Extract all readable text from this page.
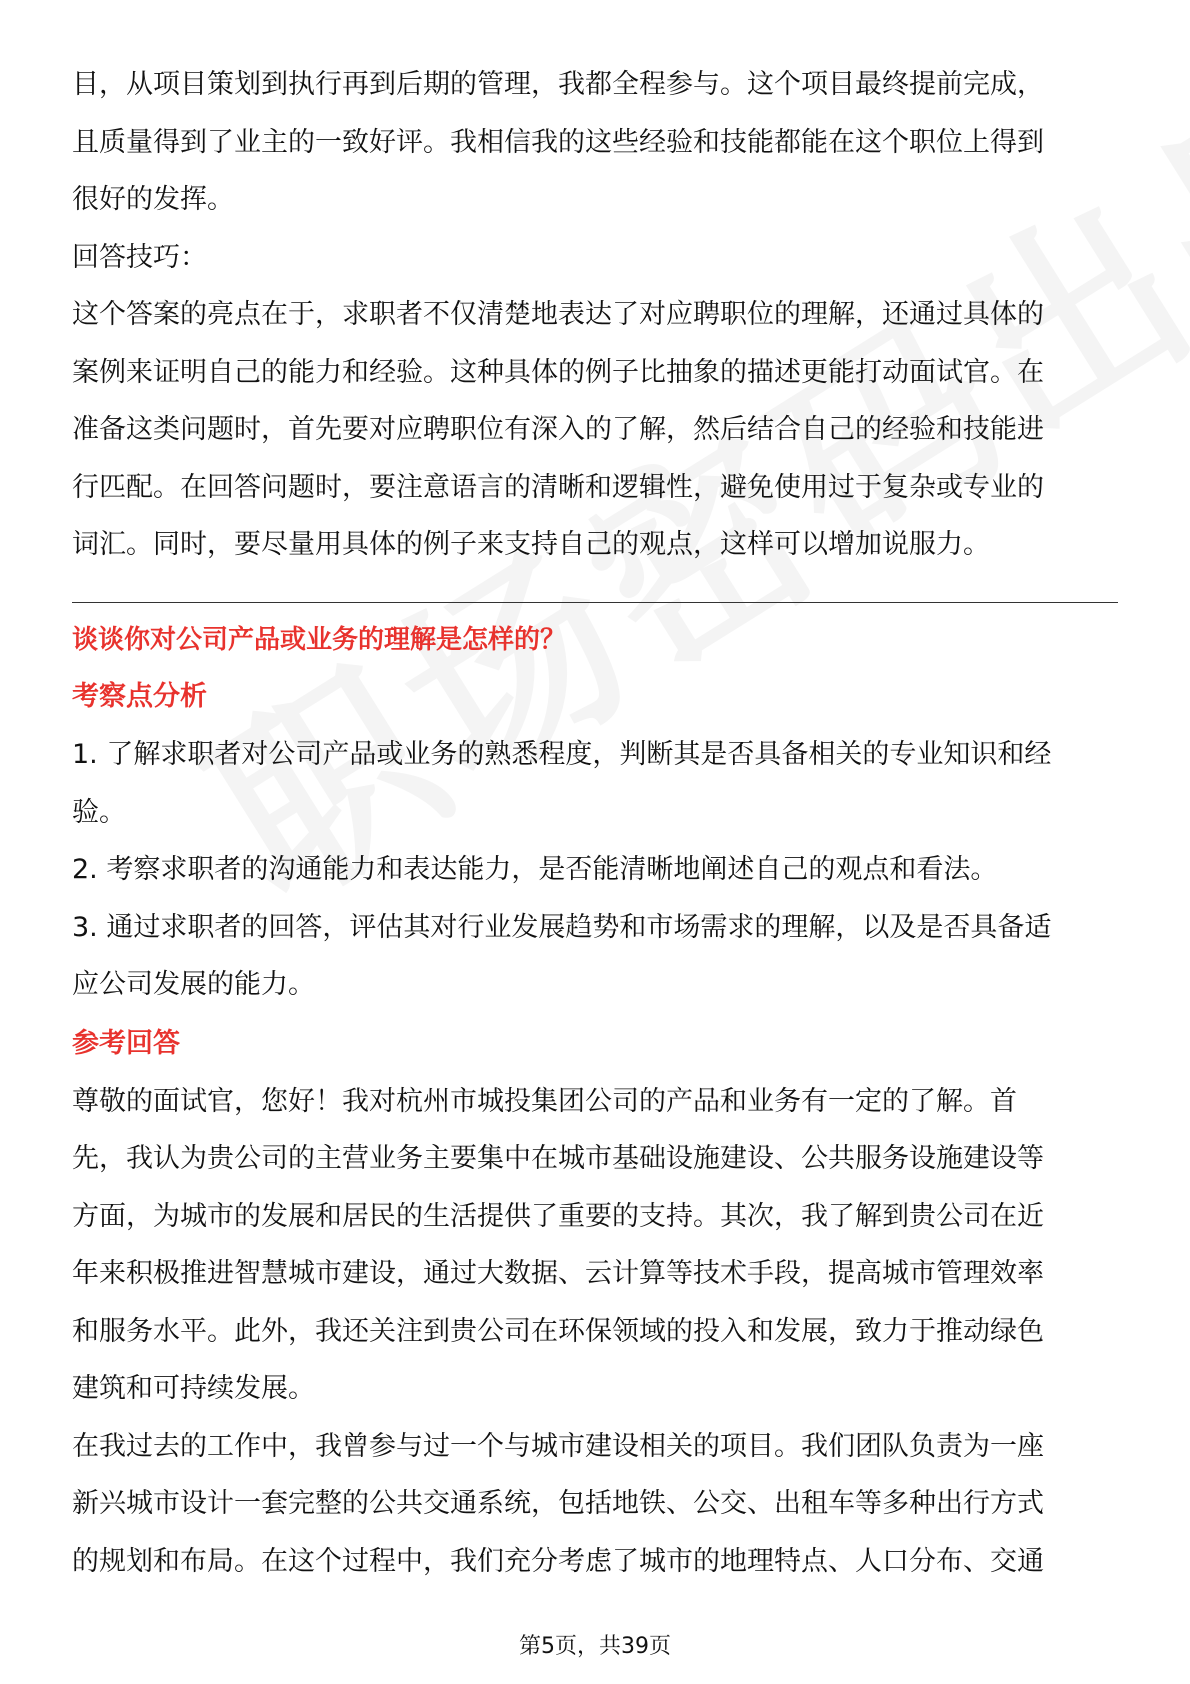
目，从项目策划到执行再到后期的管理，我都全程参与。这个项目最终提前完成，

且质量得到了业主的一致好评。我相信我的这些经验和技能都能在这个职位上得到

很好的发挥。

回答技巧：

这个答案的亮点在于，求职者不仅清楚地表达了对应聘职位的理解，还通过具体的

案例来证明自己的能力和经验。这种具体的例子比抽象的描述更能打动面试官。在

准备这类问题时，首先要对应聘职位有深入的了解，然后结合自己的经验和技能进

行匹配。在回答问题时，要注意语言的清晰和逻辑性，避免使用过于复杂或专业的

词汇。同时，要尽量用具体的例子来支持自己的观点，这样可以增加说服力。

谈谈你对公司产品或业务的理解是怎样的？

考察点分析

1. 了解求职者对公司产品或业务的熟悉程度，判断其是否具备相关的专业知识和经

验。

2. 考察求职者的沟通能力和表达能力，是否能清晰地阐述自己的观点和看法。

3. 通过求职者的回答，评估其对行业发展趋势和市场需求的理解，以及是否具备适

应公司发展的能力。

参考回答

尊敬的面试官，您好！我对杭州市城投集团公司的产品和业务有一定的了解。首

先，我认为贵公司的主营业务主要集中在城市基础设施建设、公共服务设施建设等

方面，为城市的发展和居民的生活提供了重要的支持。其次，我了解到贵公司在近

年来积极推进智慧城市建设，通过大数据、云计算等技术手段，提高城市管理效率

和服务水平。此外，我还关注到贵公司在环保领域的投入和发展，致力于推动绿色

建筑和可持续发展。

在我过去的工作中，我曾参与过一个与城市建设相关的项目。我们团队负责为一座

新兴城市设计一套完整的公共交通系统，包括地铁、公交、出租车等多种出行方式

的规划和布局。在这个过程中，我们充分考虑了城市的地理特点、人口分布、交通

第5页，共39页
